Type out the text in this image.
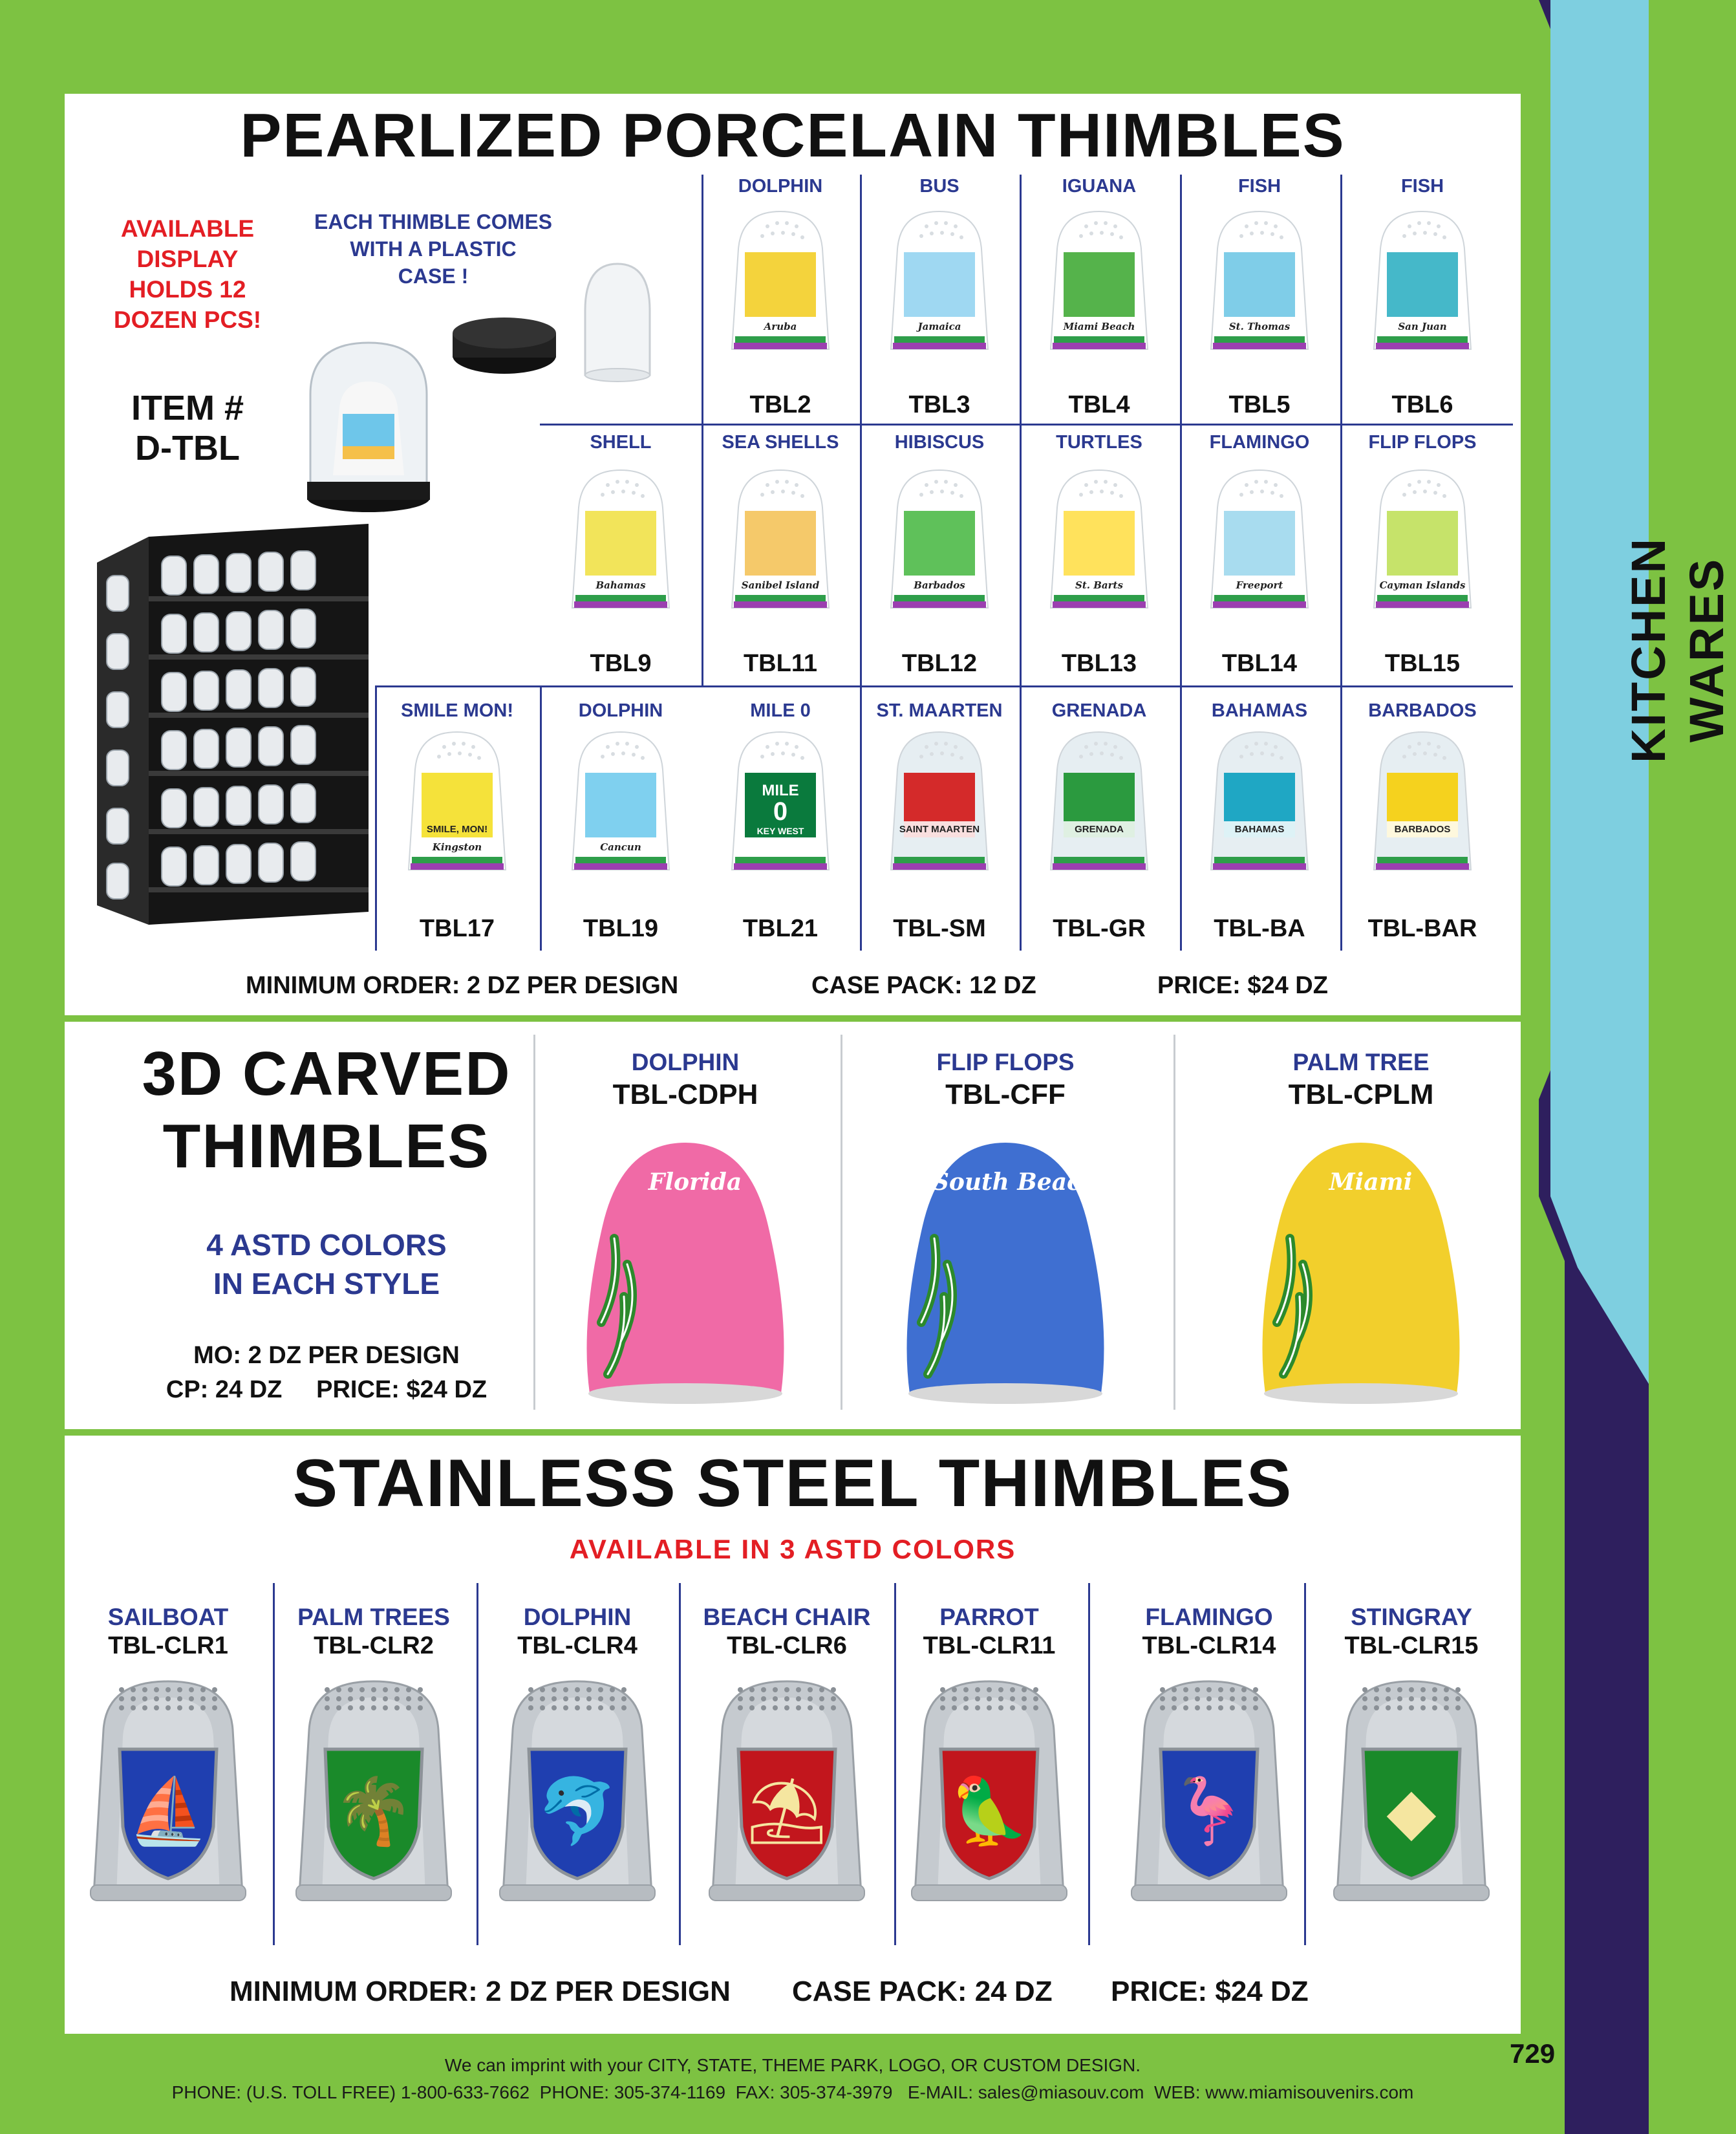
KITCHEN WARES
PEARLIZED PORCELAIN THIMBLES
AVAILABLE
DISPLAY
HOLDS 12
DOZEN PCS!
EACH THIMBLE COMES
WITH A PLASTIC
CASE !
ITEM #
D-TBL
DOLPHIN
Aruba
TBL2
BUS
Jamaica
TBL3
IGUANA
Miami Beach
TBL4
FISH
St. Thomas
TBL5
FISH
San Juan
TBL6
SHELL
Bahamas
TBL9
SEA SHELLS
Sanibel Island
TBL11
HIBISCUS
Barbados
TBL12
TURTLES
St. Barts
TBL13
FLAMINGO
Freeport
TBL14
FLIP FLOPS
Cayman Islands
TBL15
SMILE MON!
Kingston
SMILE, MON!
TBL17
DOLPHIN
Cancun
TBL19
MILE 0
MILE
0
KEY WEST
TBL21
ST. MAARTEN
SAINT MAARTEN
TBL-SM
GRENADA
GRENADA
TBL-GR
BAHAMAS
BAHAMAS
TBL-BA
BARBADOS
BARBADOS
TBL-BAR
MINIMUM ORDER: 2 DZ PER DESIGN	CASE PACK: 12 DZ	PRICE: $24 DZ
3D CARVED
THIMBLES
4 ASTD COLORS
IN EACH STYLE
MO: 2 DZ PER DESIGN
CP: 24 DZ     PRICE: $24 DZ
DOLPHIN
TBL-CDPH
Florida
FLIP FLOPS
TBL-CFF
South Beach
PALM TREE
TBL-CPLM
Miami
STAINLESS STEEL THIMBLES
AVAILABLE IN 3 ASTD COLORS
SAILBOAT
TBL-CLR1
⛵
PALM TREES
TBL-CLR2
🌴
DOLPHIN
TBL-CLR4
🐬
BEACH CHAIR
TBL-CLR6
⛱
PARROT
TBL-CLR11
🦜
FLAMINGO
TBL-CLR14
🦩
STINGRAY
TBL-CLR15
◆
MINIMUM ORDER: 2 DZ PER DESIGN CASE PACK: 24 DZ PRICE: $24 DZ
We can imprint with your CITY, STATE, THEME PARK, LOGO, OR CUSTOM DESIGN.
PHONE: (U.S. TOLL FREE) 1-800-633-7662  PHONE: 305-374-1169  FAX: 305-374-3979   E-MAIL: sales@miasouv.com  WEB: www.miamisouvenirs.com
729
